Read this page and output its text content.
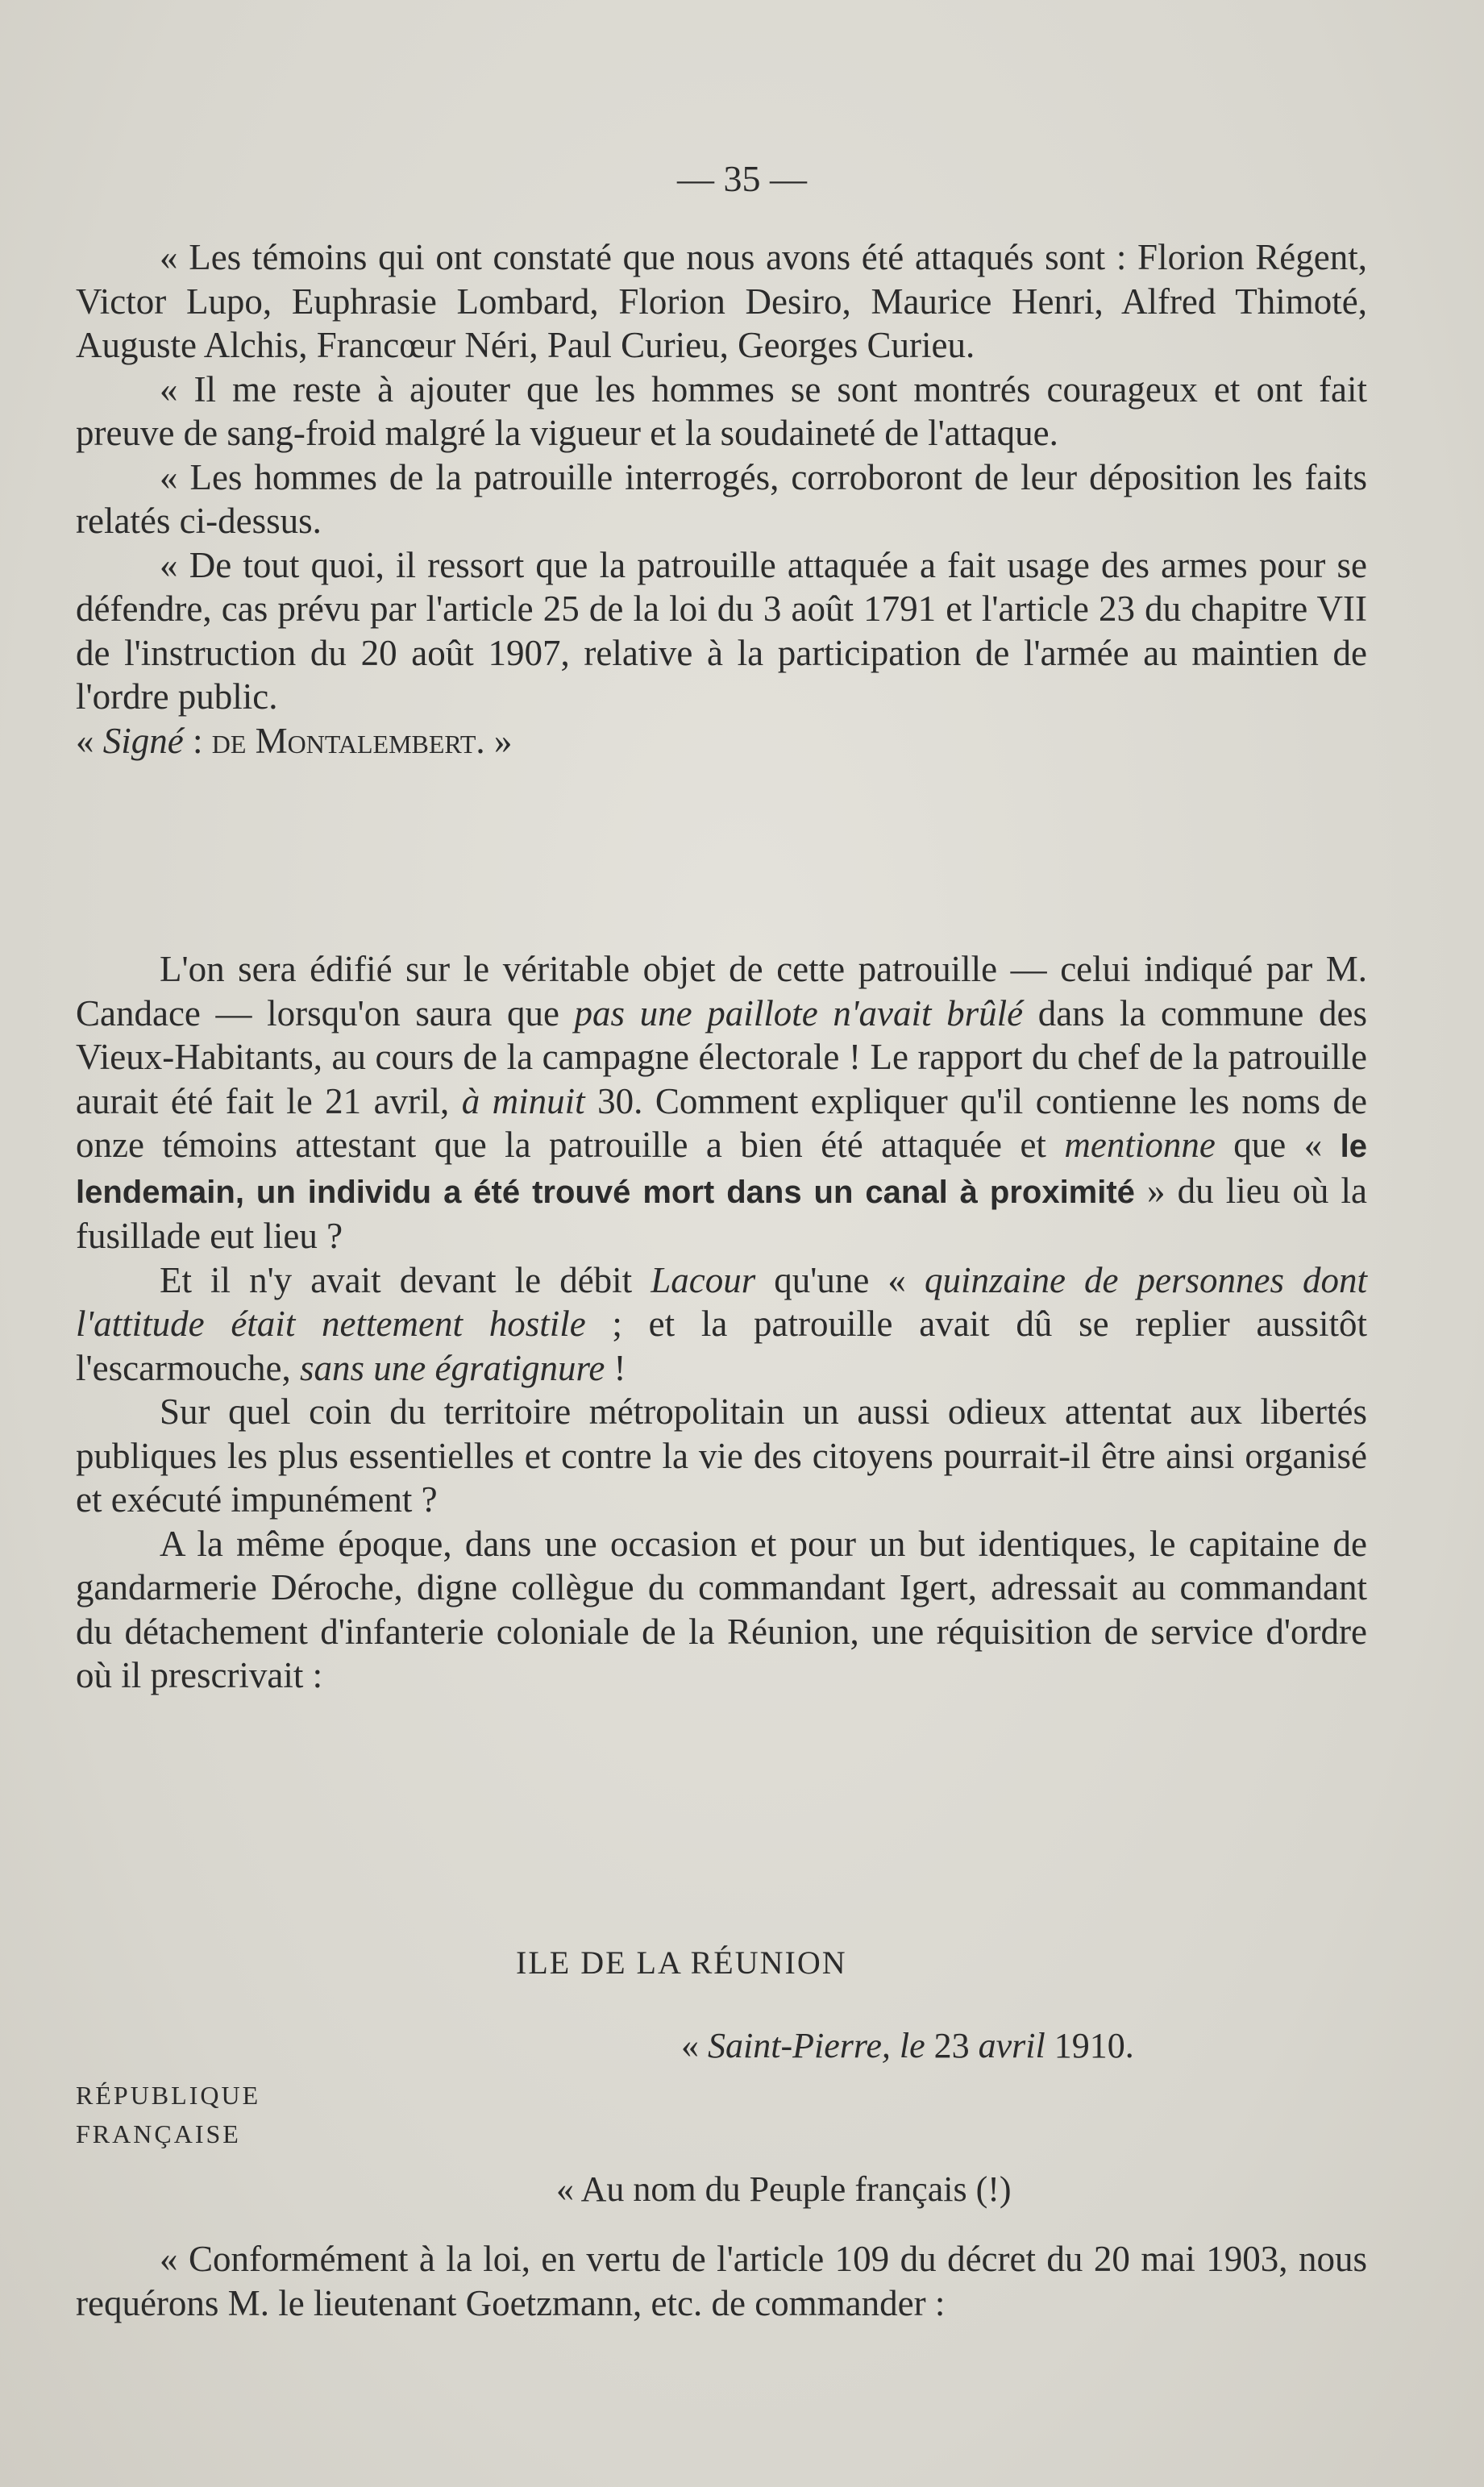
— 35 —

« Les témoins qui ont constaté que nous avons été attaqués sont : Florion Régent, Victor Lupo, Euphrasie Lombard, Florion Desiro, Maurice Henri, Alfred Thimoté, Auguste Alchis, Francœur Néri, Paul Curieu, Georges Curieu.

« Il me reste à ajouter que les hommes se sont montrés courageux et ont fait preuve de sang-froid malgré la vigueur et la soudaineté de l'attaque.

« Les hommes de la patrouille interrogés, corroboront de leur déposition les faits relatés ci-dessus.

« De tout quoi, il ressort que la patrouille attaquée a fait usage des armes pour se défendre, cas prévu par l'article 25 de la loi du 3 août 1791 et l'article 23 du chapitre VII de l'instruction du 20 août 1907, relative à la participation de l'armée au maintien de l'ordre public.

« Signé : de Montalembert. »

L'on sera édifié sur le véritable objet de cette patrouille — celui indiqué par M. Candace — lorsqu'on saura que pas une paillote n'avait brûlé dans la commune des Vieux-Habitants, au cours de la campagne électorale ! Le rapport du chef de la patrouille aurait été fait le 21 avril, à minuit 30. Comment expliquer qu'il contienne les noms de onze témoins attestant que la patrouille a bien été attaquée et mentionne que « le lendemain, un individu a été trouvé mort dans un canal à proximité » du lieu où la fusillade eut lieu ?

Et il n'y avait devant le débit Lacour qu'une « quinzaine de personnes dont l'attitude était nettement hostile ; et la patrouille avait dû se replier aussitôt l'escarmouche, sans une égratignure !

Sur quel coin du territoire métropolitain un aussi odieux attentat aux libertés publiques les plus essentielles et contre la vie des citoyens pourrait-il être ainsi organisé et exécuté impunément ?

A la même époque, dans une occasion et pour un but identiques, le capitaine de gandarmerie Déroche, digne collègue du commandant Igert, adressait au commandant du détachement d'infanterie coloniale de la Réunion, une réquisition de service d'ordre où il prescrivait :

ILE DE LA RÉUNION
« Saint-Pierre, le 23 avril 1910.
RÉPUBLIQUE
FRANÇAISE
« Au nom du Peuple français (!)

« Conformément à la loi, en vertu de l'article 109 du décret du 20 mai 1903, nous requérons M. le lieutenant Goetzmann, etc. de commander :
